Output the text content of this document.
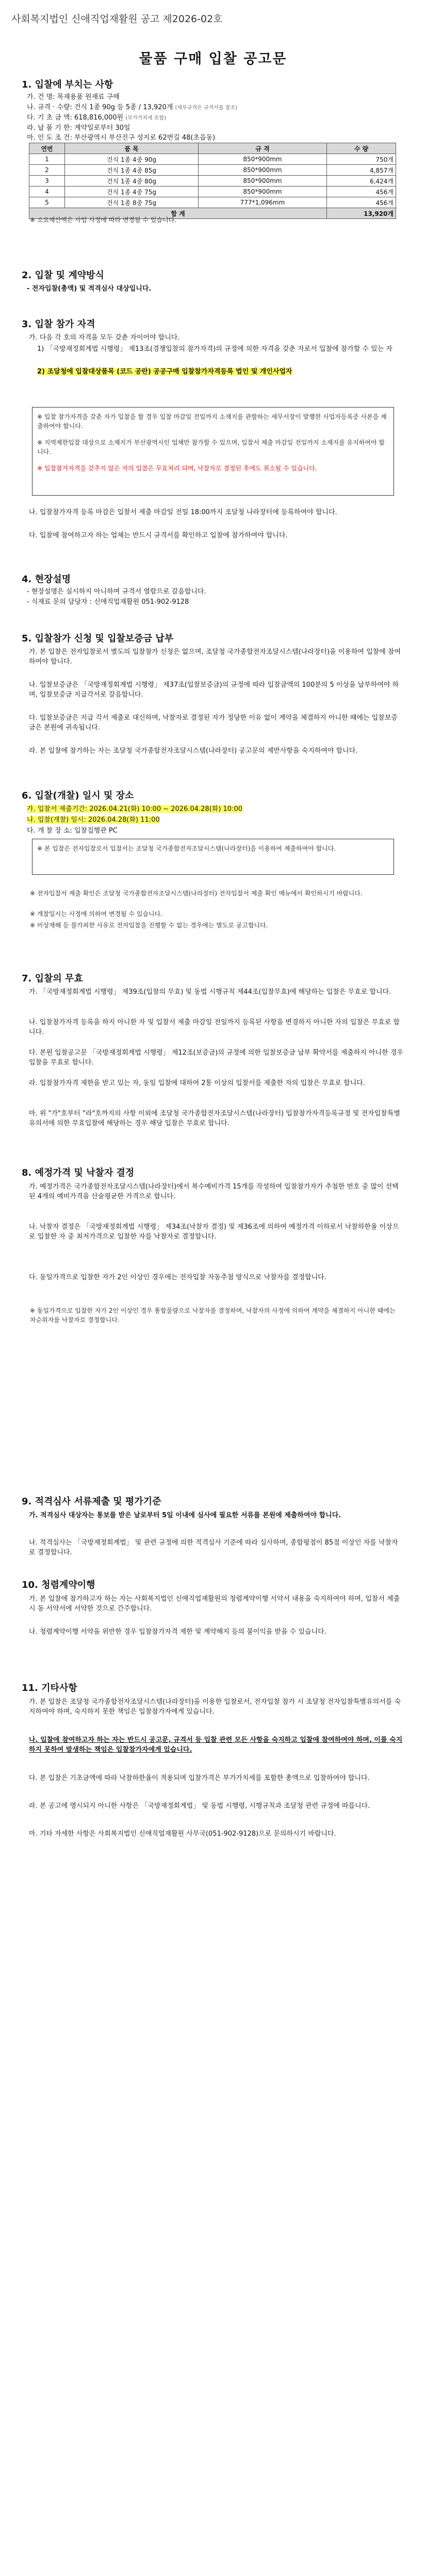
사회복지법인 신애직업재활원 공고 제2026-02호
물품 구매 입찰 공고문
1. 입찰에 부치는 사항
가. 건 명: 목재용품 원재료 구매
나. 규격 · 수량: 건식 1종 90g 등 5종 / 13,920개 (세부규격은 규격서를 참조)
다. 기 초 금 액: 618,816,000원 (부가가치세 포함)
라. 납 품 기 한: 계약일로부터 30일
마. 인 도 조 건: 부산광역시 부산진구 성지로 62번길 48(초읍동)
연번	품 목	규 격	수 량
1	건식 1종 4중 90g	850*900mm	750개
2	건식 1종 4중 85g	850*900mm	4,857개
3	건식 1종 4중 80g	850*900mm	6,424개
4	건식 1종 4중 75g	850*900mm	456개
5	건식 1종 8중 75g	777*1,096mm	456개
합 계			13,920개
※ 소요예산액은 사업 사정에 따라 변경될 수 있습니다.
2. 입찰 및 계약방식
- 전자입찰(총액) 및 적격심사 대상입니다.
3. 입찰 참가 자격
가. 다음 각 호의 자격을 모두 갖춘 자이어야 합니다.
1) 「국방재정회계법 시행령」 제13조(경쟁입찰의 참가자격)의 규정에 의한 자격을 갖춘 자로서 입찰에 참가할 수 있는 자
2) 조달청에 입찰대상품목 (코드 공란) 공공구매 입찰참가자격등록 법인 및 개인사업자
※ 입찰 참가자격을 갖춘 자가 입찰을 할 경우 입찰 마감일 전일까지 소재지를 관할하는 세무서장이 발행한 사업자등록증 사본을 제출하여야 합니다.
※ 지역제한입찰 대상으로 소재지가 부산광역시인 업체만 참가할 수 있으며, 입찰서 제출 마감일 전일까지 소재지를 유지하여야 합니다.
※ 입찰참가자격을 갖추지 않은 자의 입찰은 무효처리 되며, 낙찰자로 결정된 후에도 취소될 수 있습니다.
나. 입찰참가자격 등록 마감은 입찰서 제출 마감일 전일 18:00까지 조달청 나라장터에 등록하여야 합니다.
다. 입찰에 참여하고자 하는 업체는 반드시 규격서를 확인하고 입찰에 참가하여야 합니다.
4. 현장설명
- 현장설명은 실시하지 아니하며 규격서 열람으로 갈음합니다.
- 식재료 문의 담당자 : 신애직업재활원 051-902-9128
5. 입찰참가 신청 및 입찰보증금 납부
가. 본 입찰은 전자입찰로서 별도의 입찰참가 신청은 없으며, 조달청 국가종합전자조달시스템(나라장터)을 이용하여 입찰에 참여하여야 합니다.
나. 입찰보증금은 「국방재정회계법 시행령」 제37조(입찰보증금)의 규정에 따라 입찰금액의 100분의 5 이상을 납부하여야 하며, 입찰보증금 지급각서로 갈음합니다.
다. 입찰보증금은 지급 각서 제출로 대신하며, 낙찰자로 결정된 자가 정당한 이유 없이 계약을 체결하지 아니한 때에는 입찰보증금은 본원에 귀속됩니다.
라. 본 입찰에 참가하는 자는 조달청 국가종합전자조달시스템(나라장터) 공고문의 제반사항을 숙지하여야 합니다.
6. 입찰(개찰) 일시 및 장소
가. 입찰서 제출기간: 2026.04.21(화) 10:00 ~ 2026.04.28(화) 10:00
나. 입찰(개찰) 일시: 2026.04.28(화) 11:00
다. 개 찰 장 소: 입찰집행관 PC
※ 본 입찰은 전자입찰로서 입찰서는 조달청 국가종합전자조달시스템(나라장터)을 이용하여 제출하여야 합니다.
※ 전자입찰서 제출 확인은 조달청 국가종합전자조달시스템(나라장터) 전자입찰서 제출 확인 메뉴에서 확인하시기 바랍니다.
※ 개찰일시는 사정에 의하여 변경될 수 있습니다.
※ 비상재해 등 불가피한 사유로 전자입찰을 진행할 수 없는 경우에는 별도로 공고합니다.
7. 입찰의 무효
가. 「국방재정회계법 시행령」 제39조(입찰의 무효) 및 동법 시행규칙 제44조(입찰무효)에 해당하는 입찰은 무효로 합니다.
나. 입찰참가자격 등록을 하지 아니한 자 및 입찰서 제출 마감일 전일까지 등록된 사항을 변경하지 아니한 자의 입찰은 무효로 합니다.
다. 본원 입찰공고문 「국방재정회계법 시행령」 제12조(보증금)의 규정에 의한 입찰보증금 납부 확약서를 제출하지 아니한 경우 입찰을 무효로 합니다.
라. 입찰참가자격 제한을 받고 있는 자, 동일 입찰에 대하여 2통 이상의 입찰서를 제출한 자의 입찰은 무효로 합니다.
마. 위 "가"호부터 "라"호까지의 사항 이외에 조달청 국가종합전자조달시스템(나라장터) 입찰참가자격등록규정 및 전자입찰특별유의서에 의한 무효입찰에 해당하는 경우 해당 입찰은 무효로 합니다.
8. 예정가격 및 낙찰자 결정
가. 예정가격은 국가종합전자조달시스템(나라장터)에서 복수예비가격 15개를 작성하여 입찰참가자가 추첨한 번호 중 많이 선택된 4개의 예비가격을 산술평균한 가격으로 합니다.
나. 낙찰자 결정은 「국방재정회계법 시행령」 제34조(낙찰자 결정) 및 제36조에 의하여 예정가격 이하로서 낙찰하한율 이상으로 입찰한 자 중 최저가격으로 입찰한 자를 낙찰자로 결정합니다.
다. 동일가격으로 입찰한 자가 2인 이상인 경우에는 전자입찰 자동추첨 방식으로 낙찰자를 결정합니다.
※ 동일가격으로 입찰한 자가 2인 이상인 경우 통합물량으로 낙찰자를 결정하며, 낙찰자의 사정에 의하여 계약을 체결하지 아니한 때에는 차순위자를 낙찰자로 결정합니다.
9. 적격심사 서류제출 및 평가기준
가. 적격심사 대상자는 통보를 받은 날로부터 5일 이내에 심사에 필요한 서류를 본원에 제출하여야 합니다.
나. 적격심사는 「국방재정회계법」 및 관련 규정에 의한 적격심사 기준에 따라 심사하며, 종합평점이 85점 이상인 자를 낙찰자로 결정합니다.
10. 청렴계약이행
가. 본 입찰에 참가하고자 하는 자는 사회복지법인 신애직업재활원의 청렴계약이행 서약서 내용을 숙지하여야 하며, 입찰서 제출 시 동 서약서에 서약한 것으로 간주합니다.
나. 청렴계약이행 서약을 위반한 경우 입찰참가자격 제한 및 계약해지 등의 불이익을 받을 수 있습니다.
11. 기타사항
가. 본 입찰은 조달청 국가종합전자조달시스템(나라장터)을 이용한 입찰로서, 전자입찰 참가 시 조달청 전자입찰특별유의서를 숙지하여야 하며, 숙지하지 못한 책임은 입찰참가자에게 있습니다.
나. 입찰에 참여하고자 하는 자는 반드시 공고문, 규격서 등 입찰 관련 모든 사항을 숙지하고 입찰에 참여하여야 하며, 이를 숙지하지 못하여 발생하는 책임은 입찰참가자에게 있습니다.
다. 본 입찰은 기초금액에 따라 낙찰하한율이 적용되며 입찰가격은 부가가치세를 포함한 총액으로 입찰하여야 합니다.
라. 본 공고에 명시되지 아니한 사항은 「국방재정회계법」 및 동법 시행령, 시행규칙과 조달청 관련 규정에 따릅니다.
마. 기타 자세한 사항은 사회복지법인 신애직업재활원 사무국(051-902-9128)으로 문의하시기 바랍니다.
